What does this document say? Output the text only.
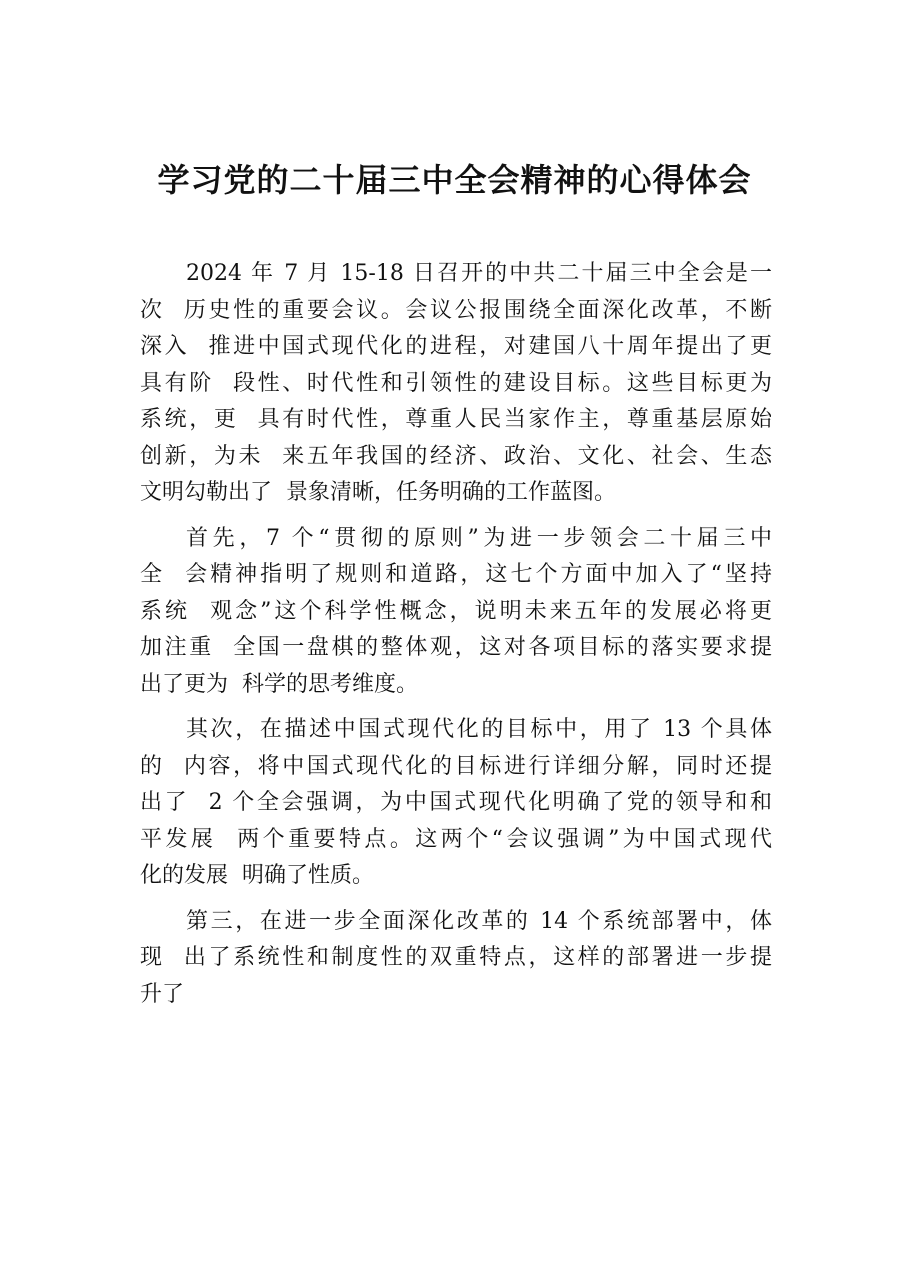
学习党的二十届三中全会精神的心得体会
2024 年 7 月 15-18 日召开的中共二十届三中全会是一
次  历史性的重要会议。会议公报围绕全面深化改革，不断
深入  推进中国式现代化的进程，对建国八十周年提出了更
具有阶  段性、时代性和引领性的建设目标。这些目标更为
系统，更  具有时代性，尊重人民当家作主，尊重基层原始
创新，为未  来五年我国的经济、政治、文化、社会、生态
文明勾勒出了  景象清晰，任务明确的工作蓝图。
首先，7 个“贯彻的原则”为进一步领会二十届三中
全  会精神指明了规则和道路，这七个方面中加入了“坚持
系统  观念”这个科学性概念，说明未来五年的发展必将更
加注重  全国一盘棋的整体观，这对各项目标的落实要求提
出了更为  科学的思考维度。
其次，在描述中国式现代化的目标中，用了 13 个具体
的  内容，将中国式现代化的目标进行详细分解，同时还提
出了  2 个全会强调，为中国式现代化明确了党的领导和和
平发展  两个重要特点。这两个“会议强调”为中国式现代
化的发展  明确了性质。
第三，在进一步全面深化改革的 14 个系统部署中，体
现  出了系统性和制度性的双重特点，这样的部署进一步提
升了
